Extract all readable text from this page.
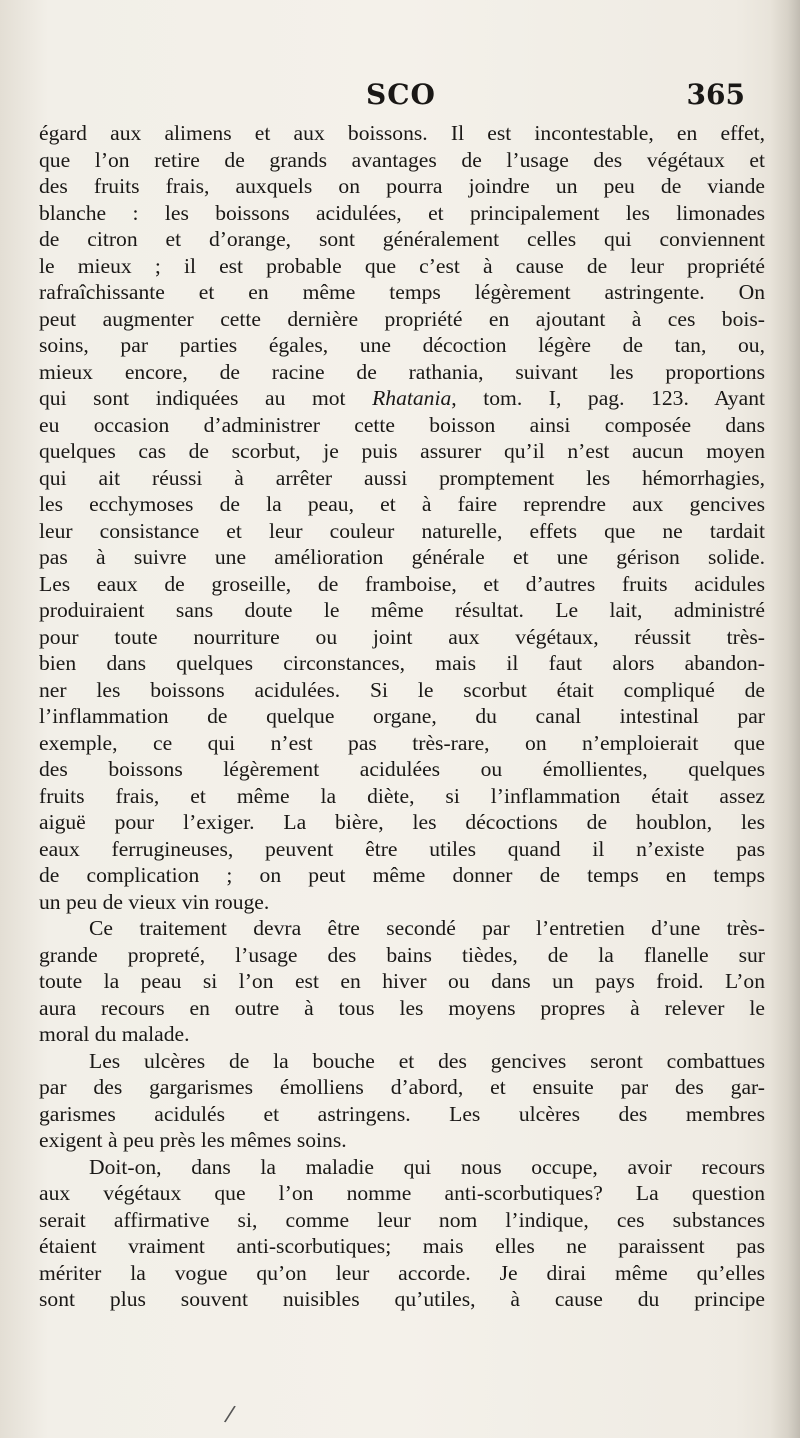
SCO	365
égard aux alimens et aux boissons. Il est incontestable, en effet,
que l’on retire de grands avantages de l’usage des végétaux et
des fruits frais, auxquels on pourra joindre un peu de viande
blanche : les boissons acidulées, et principalement les limonades
de citron et d’orange, sont généralement celles qui conviennent
le mieux ; il est probable que c’est à cause de leur propriété
rafraîchissante et en même temps légèrement astringente. On
peut augmenter cette dernière propriété en ajoutant à ces bois-
soins, par parties égales, une décoction légère de tan, ou,
mieux encore, de racine de rathania, suivant les proportions
qui sont indiquées au mot Rhatania, tom. I, pag. 123. Ayant
eu occasion d’administrer cette boisson ainsi composée dans
quelques cas de scorbut, je puis assurer qu’il n’est aucun moyen
qui ait réussi à arrêter aussi promptement les hémorrhagies,
les ecchymoses de la peau, et à faire reprendre aux gencives
leur consistance et leur couleur naturelle, effets que ne tardait
pas à suivre une amélioration générale et une gérison solide.
Les eaux de groseille, de framboise, et d’autres fruits acidules
produiraient sans doute le même résultat. Le lait, administré
pour toute nourriture ou joint aux végétaux, réussit très-
bien dans quelques circonstances, mais il faut alors abandon-
ner les boissons acidulées. Si le scorbut était compliqué de
l’inflammation de quelque organe, du canal intestinal par
exemple, ce qui n’est pas très-rare, on n’emploierait que
des boissons légèrement acidulées ou émollientes, quelques
fruits frais, et même la diète, si l’inflammation était assez
aiguë pour l’exiger. La bière, les décoctions de houblon, les
eaux ferrugineuses, peuvent être utiles quand il n’existe pas
de complication ; on peut même donner de temps en temps
un peu de vieux vin rouge.
Ce traitement devra être secondé par l’entretien d’une très-
grande propreté, l’usage des bains tièdes, de la flanelle sur
toute la peau si l’on est en hiver ou dans un pays froid. L’on
aura recours en outre à tous les moyens propres à relever le
moral du malade.
Les ulcères de la bouche et des gencives seront combattues
par des gargarismes émolliens d’abord, et ensuite par des gar-
garismes acidulés et astringens. Les ulcères des membres
exigent à peu près les mêmes soins.
Doit-on, dans la maladie qui nous occupe, avoir recours
aux végétaux que l’on nomme anti-scorbutiques? La question
serait affirmative si, comme leur nom l’indique, ces substances
étaient vraiment anti-scorbutiques; mais elles ne paraissent pas
mériter la vogue qu’on leur accorde. Je dirai même qu’elles
sont plus souvent nuisibles qu’utiles, à cause du principe
/
